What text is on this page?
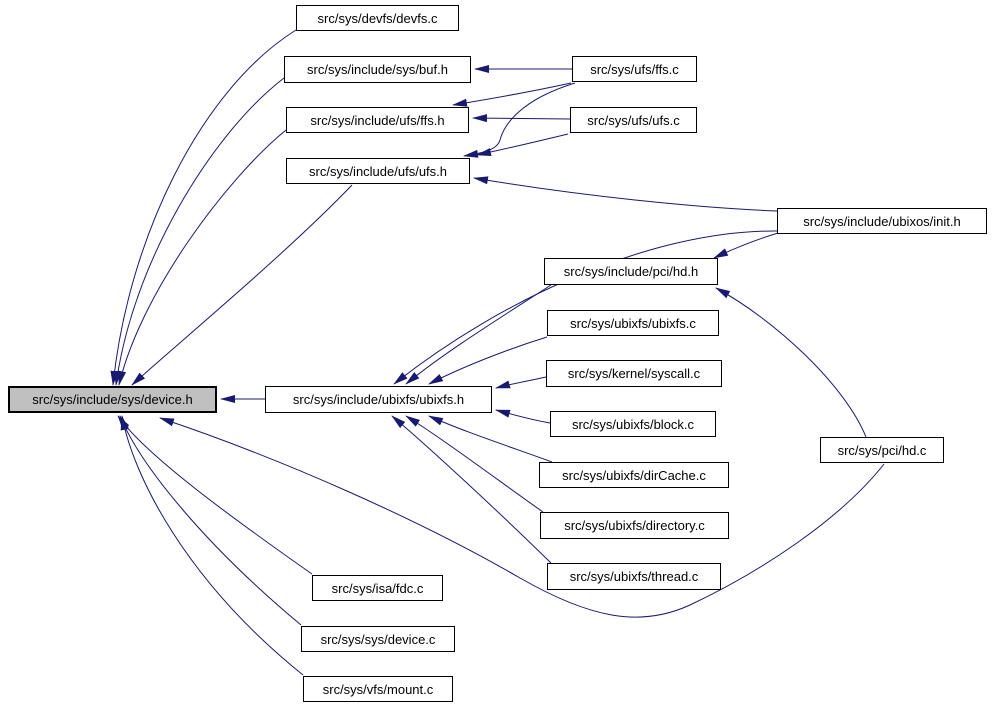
src/sys/devfs/devfs.c
src/sys/include/sys/buf.h	src/sys/ufs/ffs.c
src/sys/include/ufs/ffs.h	src/sys/ufs/ufs.c
src/sys/include/ufs/ufs.h
src/sys/include/ubixos/init.h
src/sys/include/pci/hd.h
src/sys/ubixfs/ubixfs.c
src/sys/kernel/syscall.c
src/sys/include/sys/device.h	src/sys/include/ubixfs/ubixfs.h
src/sys/ubixfs/block.c
src/sys/pci/hd.c
src/sys/ubixfs/dirCache.c
src/sys/ubixfs/directory.c
src/sys/ubixfs/thread.c
src/sys/isa/fdc.c
src/sys/sys/device.c
src/sys/vfs/mount.c
